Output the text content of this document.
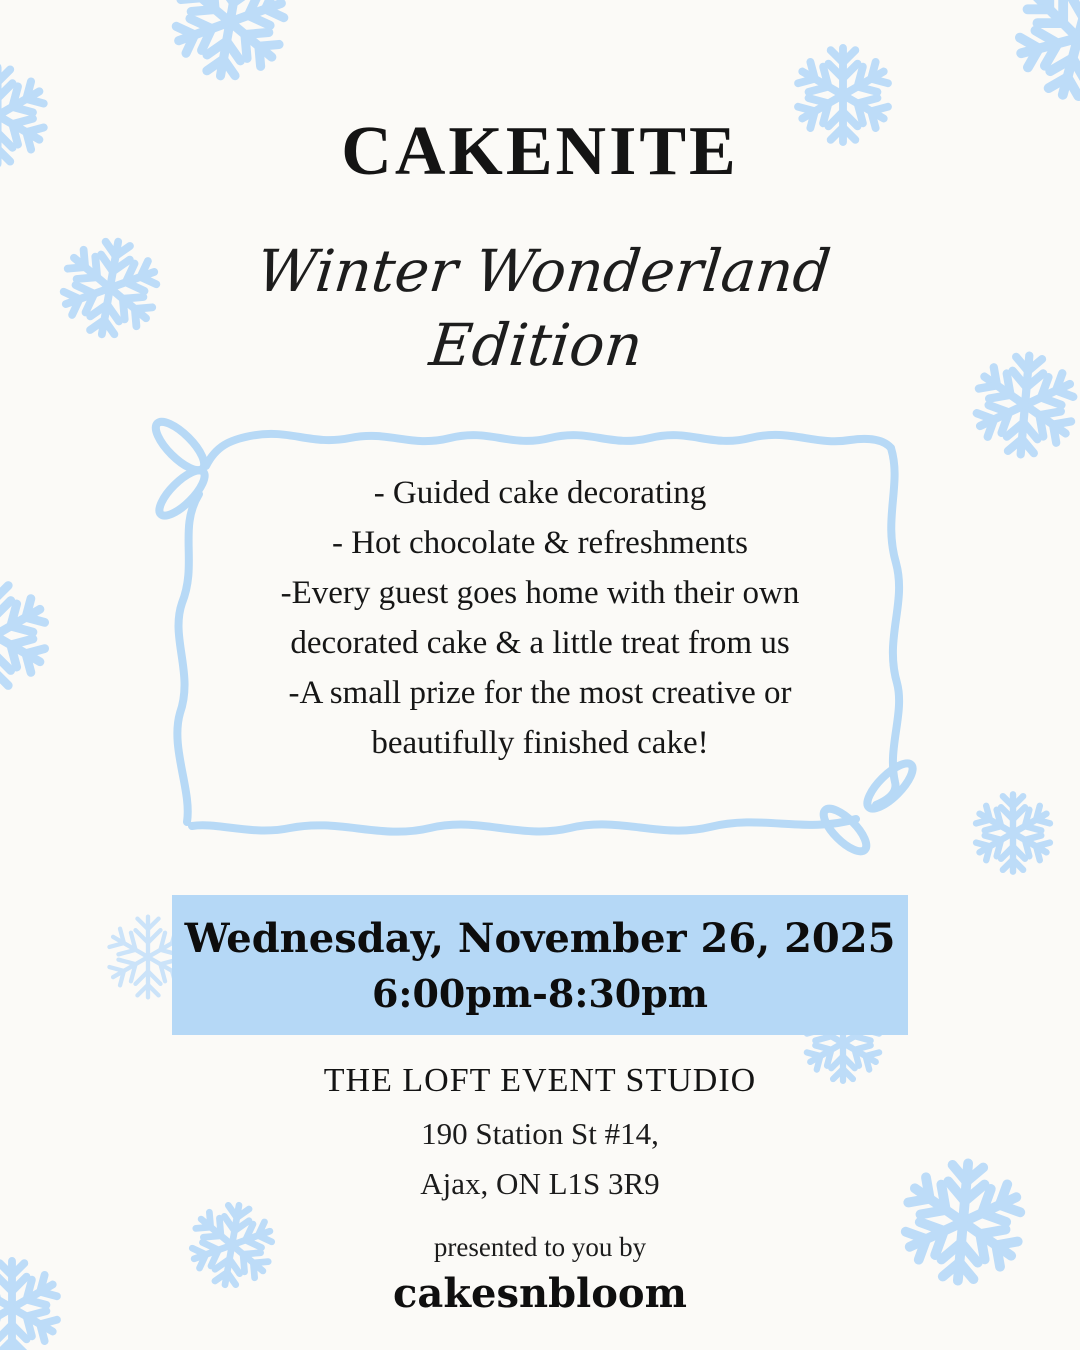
CAKENITE
Winter Wonderland
Edition
- Guided cake decorating
- Hot chocolate & refreshments
-Every guest goes home with their own
decorated cake & a little treat from us
-A small prize for the most creative or
beautifully finished cake!
Wednesday, November 26, 2025
6:00pm-8:30pm
THE LOFT EVENT STUDIO
190 Station St #14,
Ajax, ON L1S 3R9
presented to you by
cakesnbloom
